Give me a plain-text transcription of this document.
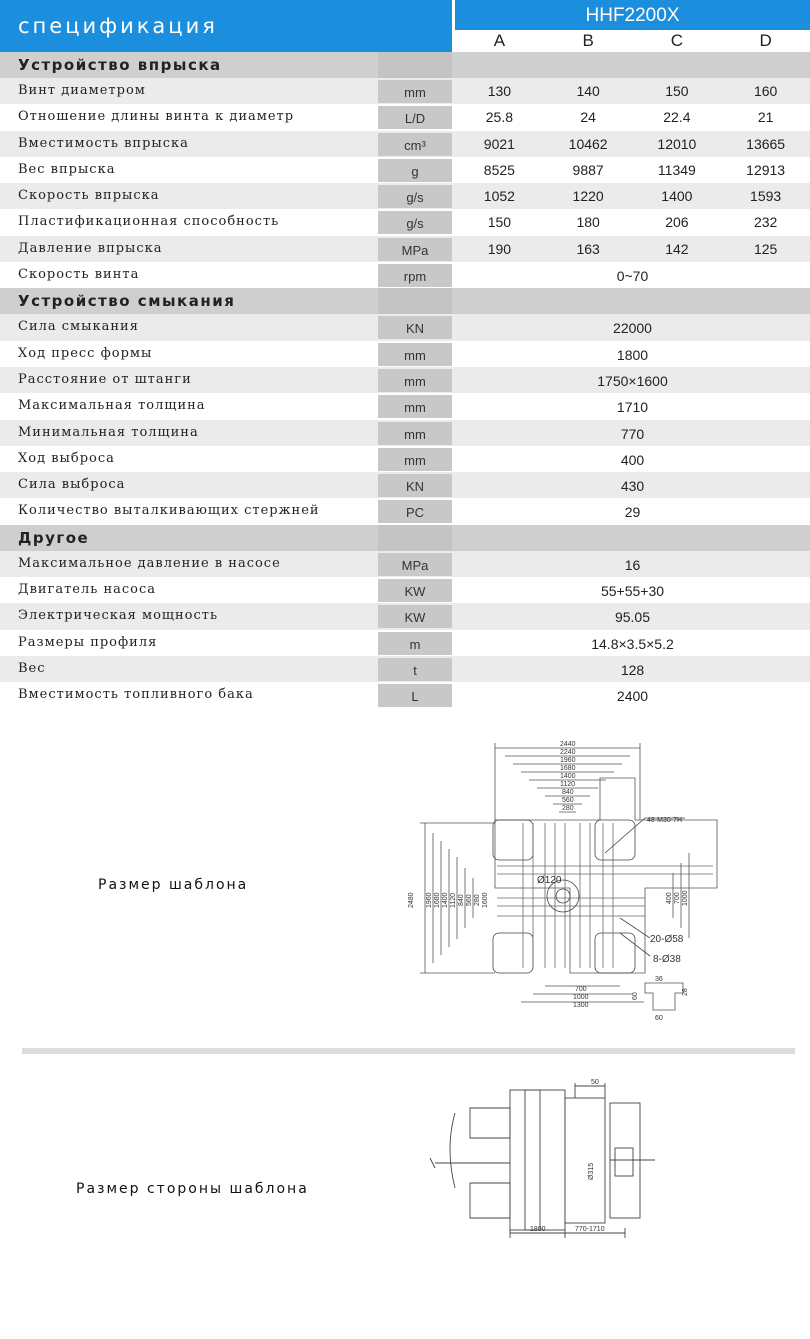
спецификация	HHF2200X
A	B	C	D
Устройство впрыска
Винт диаметром	mm	130	140	150	160
Отношение длины винта к диаметр	L/D	25.8	24	22.4	21
Вместимость впрыска	cm³	9021	10462	12010	13665
Вес впрыска	g	8525	9887	11349	12913
Скорость впрыска	g/s	1052	1220	1400	1593
Пластификационная способность	g/s	150	180	206	232
Давление впрыска	MPa	190	163	142	125
Скорость винта	rpm	0~70
Устройство смыкания
Сила смыкания	KN	22000
Ход пресс формы	mm	1800
Расстояние от штанги	mm	1750×1600
Максимальная толщина	mm	1710
Минимальная толщина	mm	770
Ход выброса	mm	400
Сила выброса	KN	430
Количество выталкивающих стержней	PC	29
Другое
Максимальное давление в насосе	MPa	16
Двигатель насоса	KW	55+55+30
Электрическая мощность	KW	95.05
Размеры профиля	m	14.8×3.5×5.2
Вес	t	128
Вместимость топливного бака	L	2400
Размер шаблона
2440
2240
1960
1680
1400
1120
840
560
280
2480 1960 1680 1400 1120 840 560 280 1600	400 700 1000
700
1000
1300
48-M30-7H
Ø120
20-Ø58
8-Ø38
36
60
28
60
Размер стороны шаблона
50
Ø315
1800	770-1710
